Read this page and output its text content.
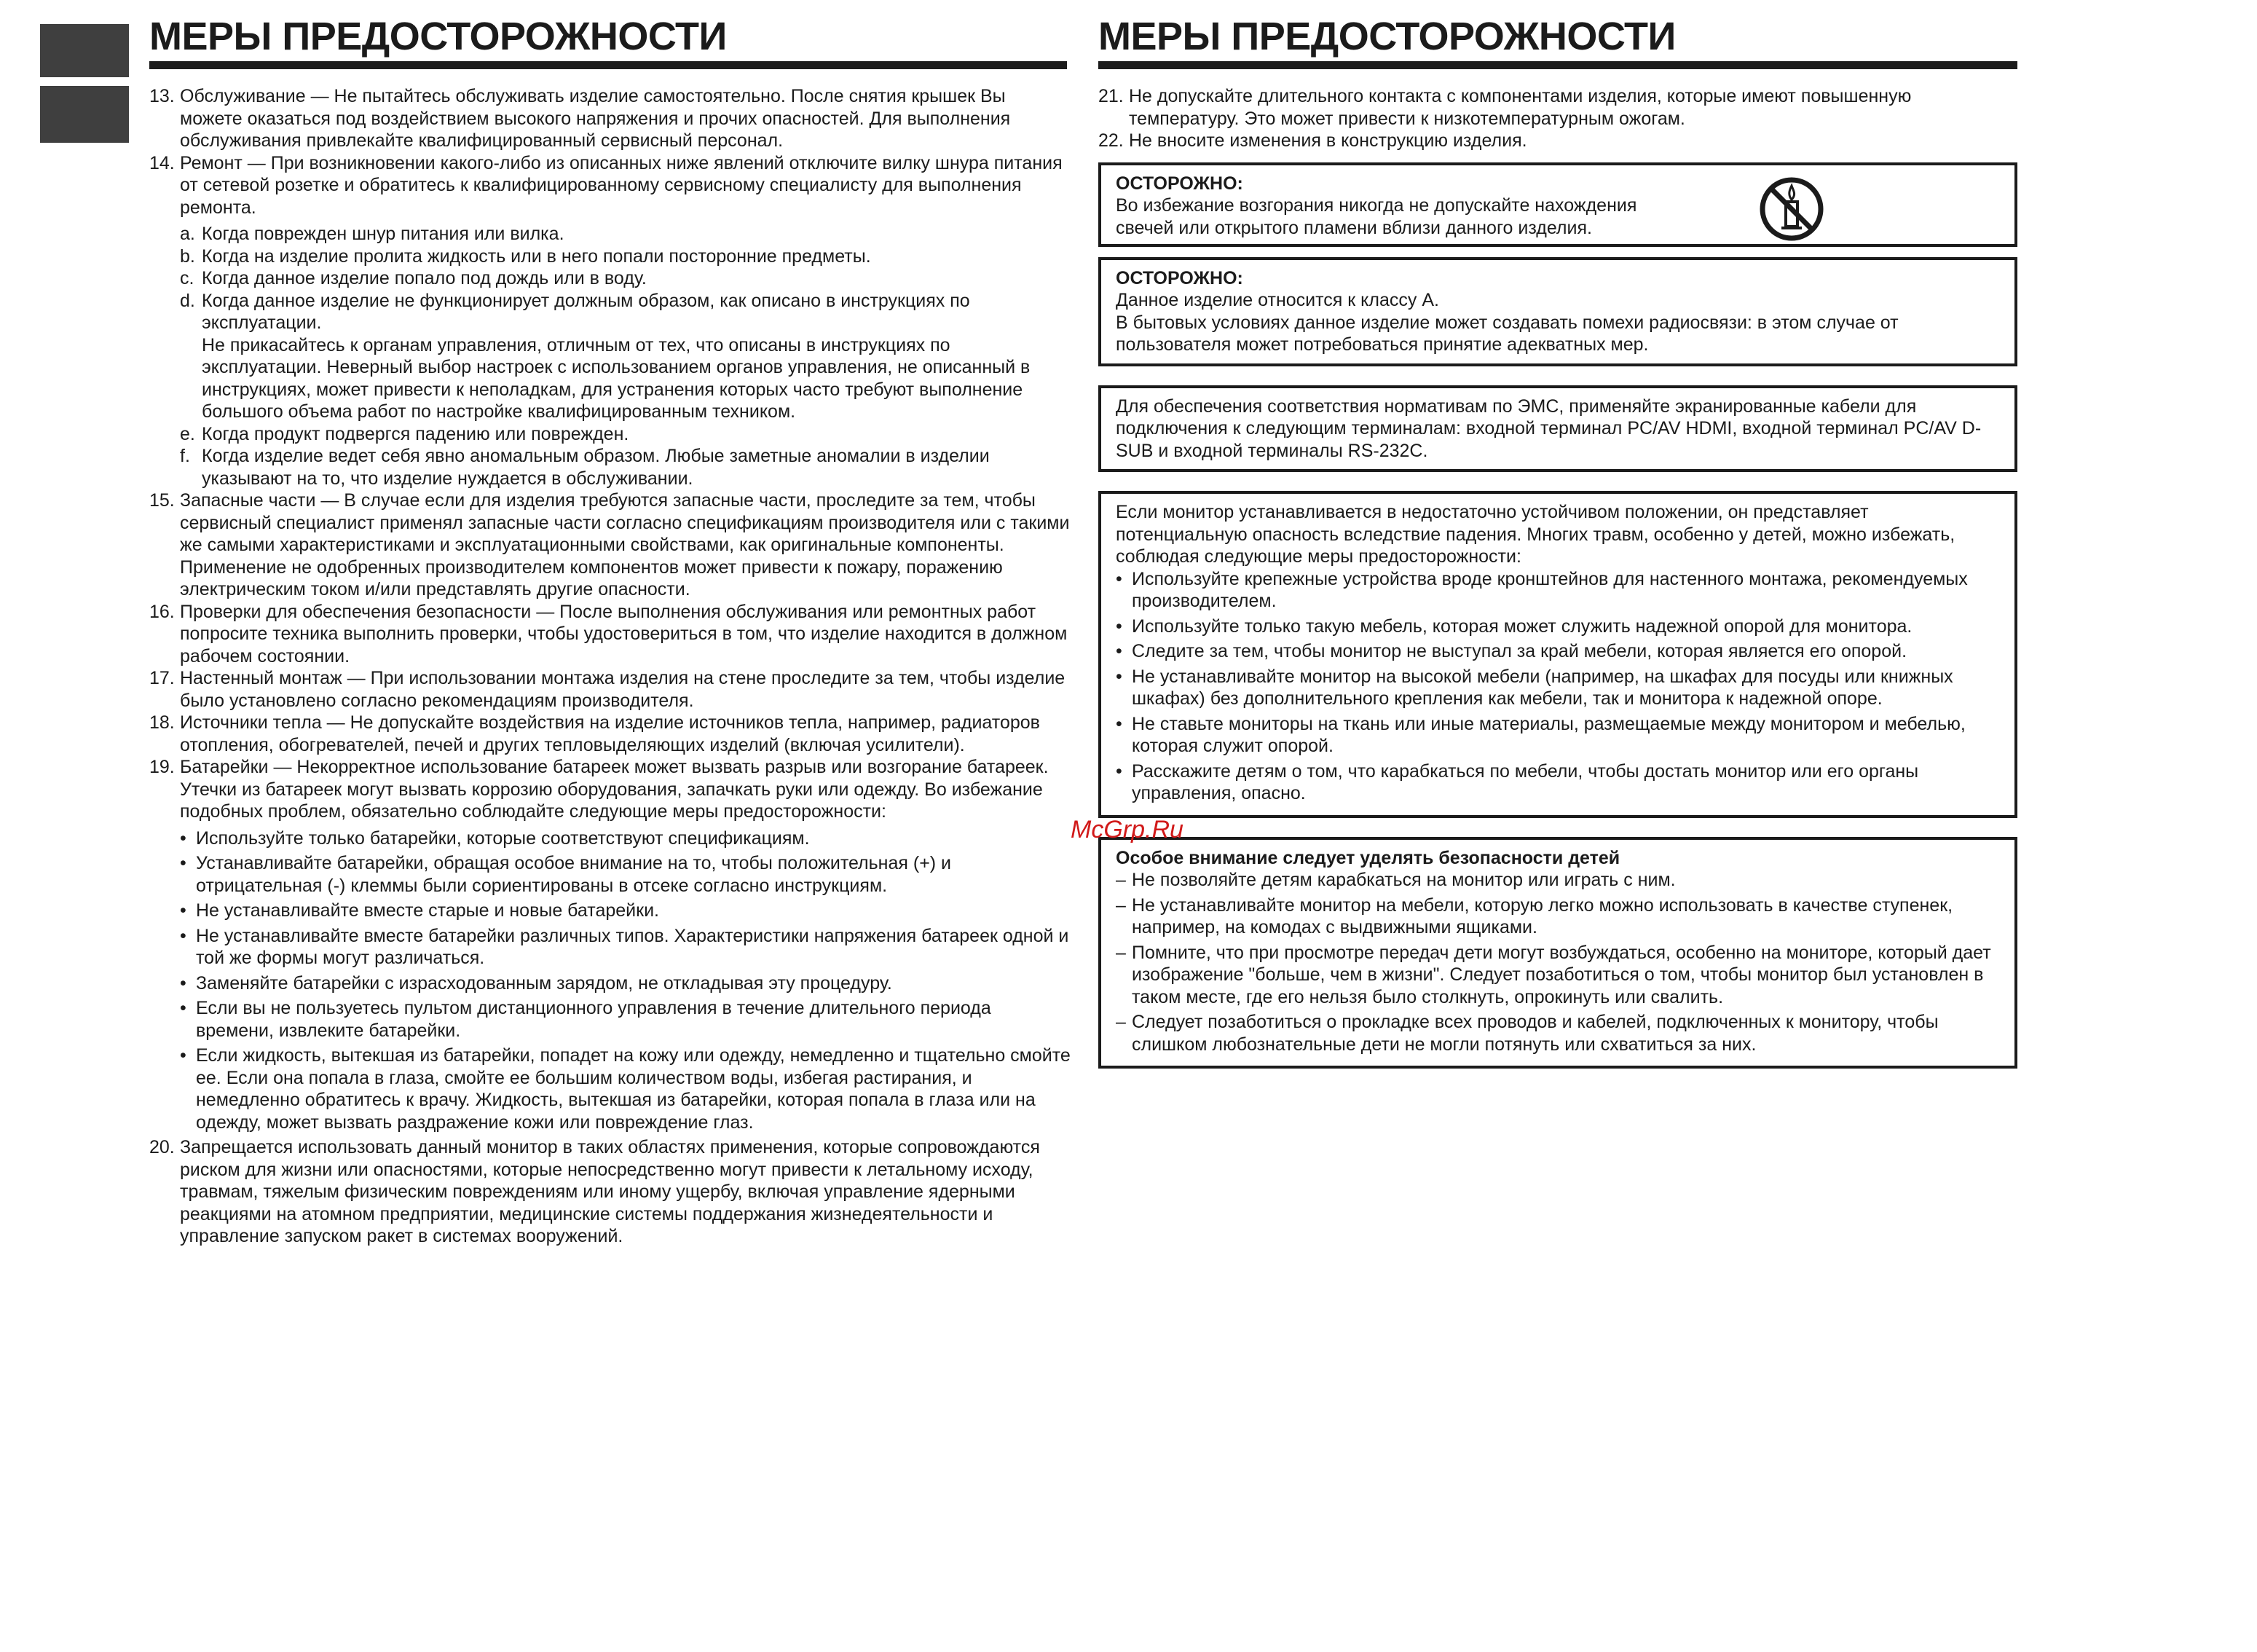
МЕРЫ ПРЕДОСТОРОЖНОСТИ
13. Обслуживание — Не пытайтесь обслуживать изделие самостоятельно. После снятия крышек Вы можете оказаться под воздействием высокого напряжения и прочих опасностей. Для выполнения обслуживания привлекайте квалифицированный сервисный персонал.
14. Ремонт — При возникновении какого-либо из описанных ниже явлений отключите вилку шнура питания от сетевой розетке и обратитесь к квалифицированному сервисному специалисту для выполнения ремонта.
a. Когда поврежден шнур питания или вилка.
b. Когда на изделие пролита жидкость или в него попали посторонние предметы.
c. Когда данное изделие попало под дождь или в воду.
d. Когда данное изделие не функционирует должным образом, как описано в инструкциях по эксплуатации.
Не прикасайтесь к органам управления, отличным от тех, что описаны в инструкциях по эксплуатации. Неверный выбор настроек с использованием органов управления, не описанный в инструкциях, может привести к неполадкам, для устранения которых часто требуют выполнение большого объема работ по настройке квалифицированным техником.
e. Когда продукт подвергся падению или поврежден.
f. Когда изделие ведет себя явно аномальным образом. Любые заметные аномалии в изделии указывают на то, что изделие нуждается в обслуживании.
15. Запасные части — В случае если для изделия требуются запасные части, проследите за тем, чтобы сервисный специалист применял запасные части согласно спецификациям производителя или с такими же самыми характеристиками и эксплуатационными свойствами, как оригинальные компоненты. Применение не одобренных производителем компонентов может привести к пожару, поражению электрическим током и/или представлять другие опасности.
16. Проверки для обеспечения безопасности — После выполнения обслуживания или ремонтных работ попросите техника выполнить проверки, чтобы удостовериться в том, что изделие находится в должном рабочем состоянии.
17. Настенный монтаж — При использовании монтажа изделия на стене проследите за тем, чтобы изделие было установлено согласно рекомендациям производителя.
18. Источники тепла — Не допускайте воздействия на изделие источников тепла, например, радиаторов отопления, обогревателей, печей и других тепловыделяющих изделий (включая усилители).
19. Батарейки — Некорректное использование батареек может вызвать разрыв или возгорание батареек. Утечки из батареек могут вызвать коррозию оборудования, запачкать руки или одежду. Во избежание подобных проблем, обязательно соблюдайте следующие меры предосторожности:
• Используйте только батарейки, которые соответствуют спецификациям.
• Устанавливайте батарейки, обращая особое внимание на то, чтобы положительная (+) и отрицательная (-) клеммы были сориентированы в отсеке согласно инструкциям.
• Не устанавливайте вместе старые и новые батарейки.
• Не устанавливайте вместе батарейки различных типов. Характеристики напряжения батареек одной и той же формы могут различаться.
• Заменяйте батарейки с израсходованным зарядом, не откладывая эту процедуру.
• Если вы не пользуетесь пультом дистанционного управления в течение длительного периода времени, извлеките батарейки.
• Если жидкость, вытекшая из батарейки, попадет на кожу или одежду, немедленно и тщательно смойте ее. Если она попала в глаза, смойте ее большим количеством воды, избегая растирания, и немедленно обратитесь к врачу. Жидкость, вытекшая из батарейки, которая попала в глаза или на одежду, может вызвать раздражение кожи или повреждение глаз.
20. Запрещается использовать данный монитор в таких областях применения, которые сопровождаются риском для жизни или опасностями, которые непосредственно могут привести к летальному исходу, травмам, тяжелым физическим повреждениям или иному ущербу, включая управление ядерными реакциями на атомном предприятии, медицинские системы поддержания жизнедеятельности и управление запуском ракет в системах вооружений.
МЕРЫ ПРЕДОСТОРОЖНОСТИ
21. Не допускайте длительного контакта с компонентами изделия, которые имеют повышенную температуру. Это может привести к низкотемпературным ожогам.
22. Не вносите изменения в конструкцию изделия.
ОСТОРОЖНО:
Во избежание возгорания никогда не допускайте нахождения свечей или открытого пламени вблизи данного изделия.
ОСТОРОЖНО:
Данное изделие относится к классу A.
В бытовых условиях данное изделие может создавать помехи радиосвязи: в этом случае от пользователя может потребоваться принятие адекватных мер.
Для обеспечения соответствия нормативам по ЭМС, применяйте экранированные кабели для подключения к следующим терминалам: входной терминал PC/AV HDMI, входной терминал PC/AV D-SUB и входной терминалы RS-232C.
Если монитор устанавливается в недостаточно устойчивом положении, он представляет потенциальную опасность вследствие падения. Многих травм, особенно у детей, можно избежать, соблюдая следующие меры предосторожности:
• Используйте крепежные устройства вроде кронштейнов для настенного монтажа, рекомендуемых производителем.
• Используйте только такую мебель, которая может служить надежной опорой для монитора.
• Следите за тем, чтобы монитор не выступал за край мебели, которая является его опорой.
• Не устанавливайте монитор на высокой мебели (например, на шкафах для посуды или книжных шкафах) без дополнительного крепления как мебели, так и монитора к надежной опоре.
• Не ставьте мониторы на ткань или иные материалы, размещаемые между монитором и мебелью, которая служит опорой.
• Расскажите детям о том, что карабкаться по мебели, чтобы достать монитор или его органы управления, опасно.
Особое внимание следует уделять безопасности детей
– Не позволяйте детям карабкаться на монитор или играть с ним.
– Не устанавливайте монитор на мебели, которую легко можно использовать в качестве ступенек, например, на комодах с выдвижными ящиками.
– Помните, что при просмотре передач дети могут возбуждаться, особенно на мониторе, который дает изображение "больше, чем в жизни". Следует позаботиться о том, чтобы монитор был установлен в таком месте, где его нельзя было столкнуть, опрокинуть или свалить.
– Следует позаботиться о прокладке всех проводов и кабелей, подключенных к монитору, чтобы слишком любознательные дети не могли потянуть или схватиться за них.
McGrp.Ru
